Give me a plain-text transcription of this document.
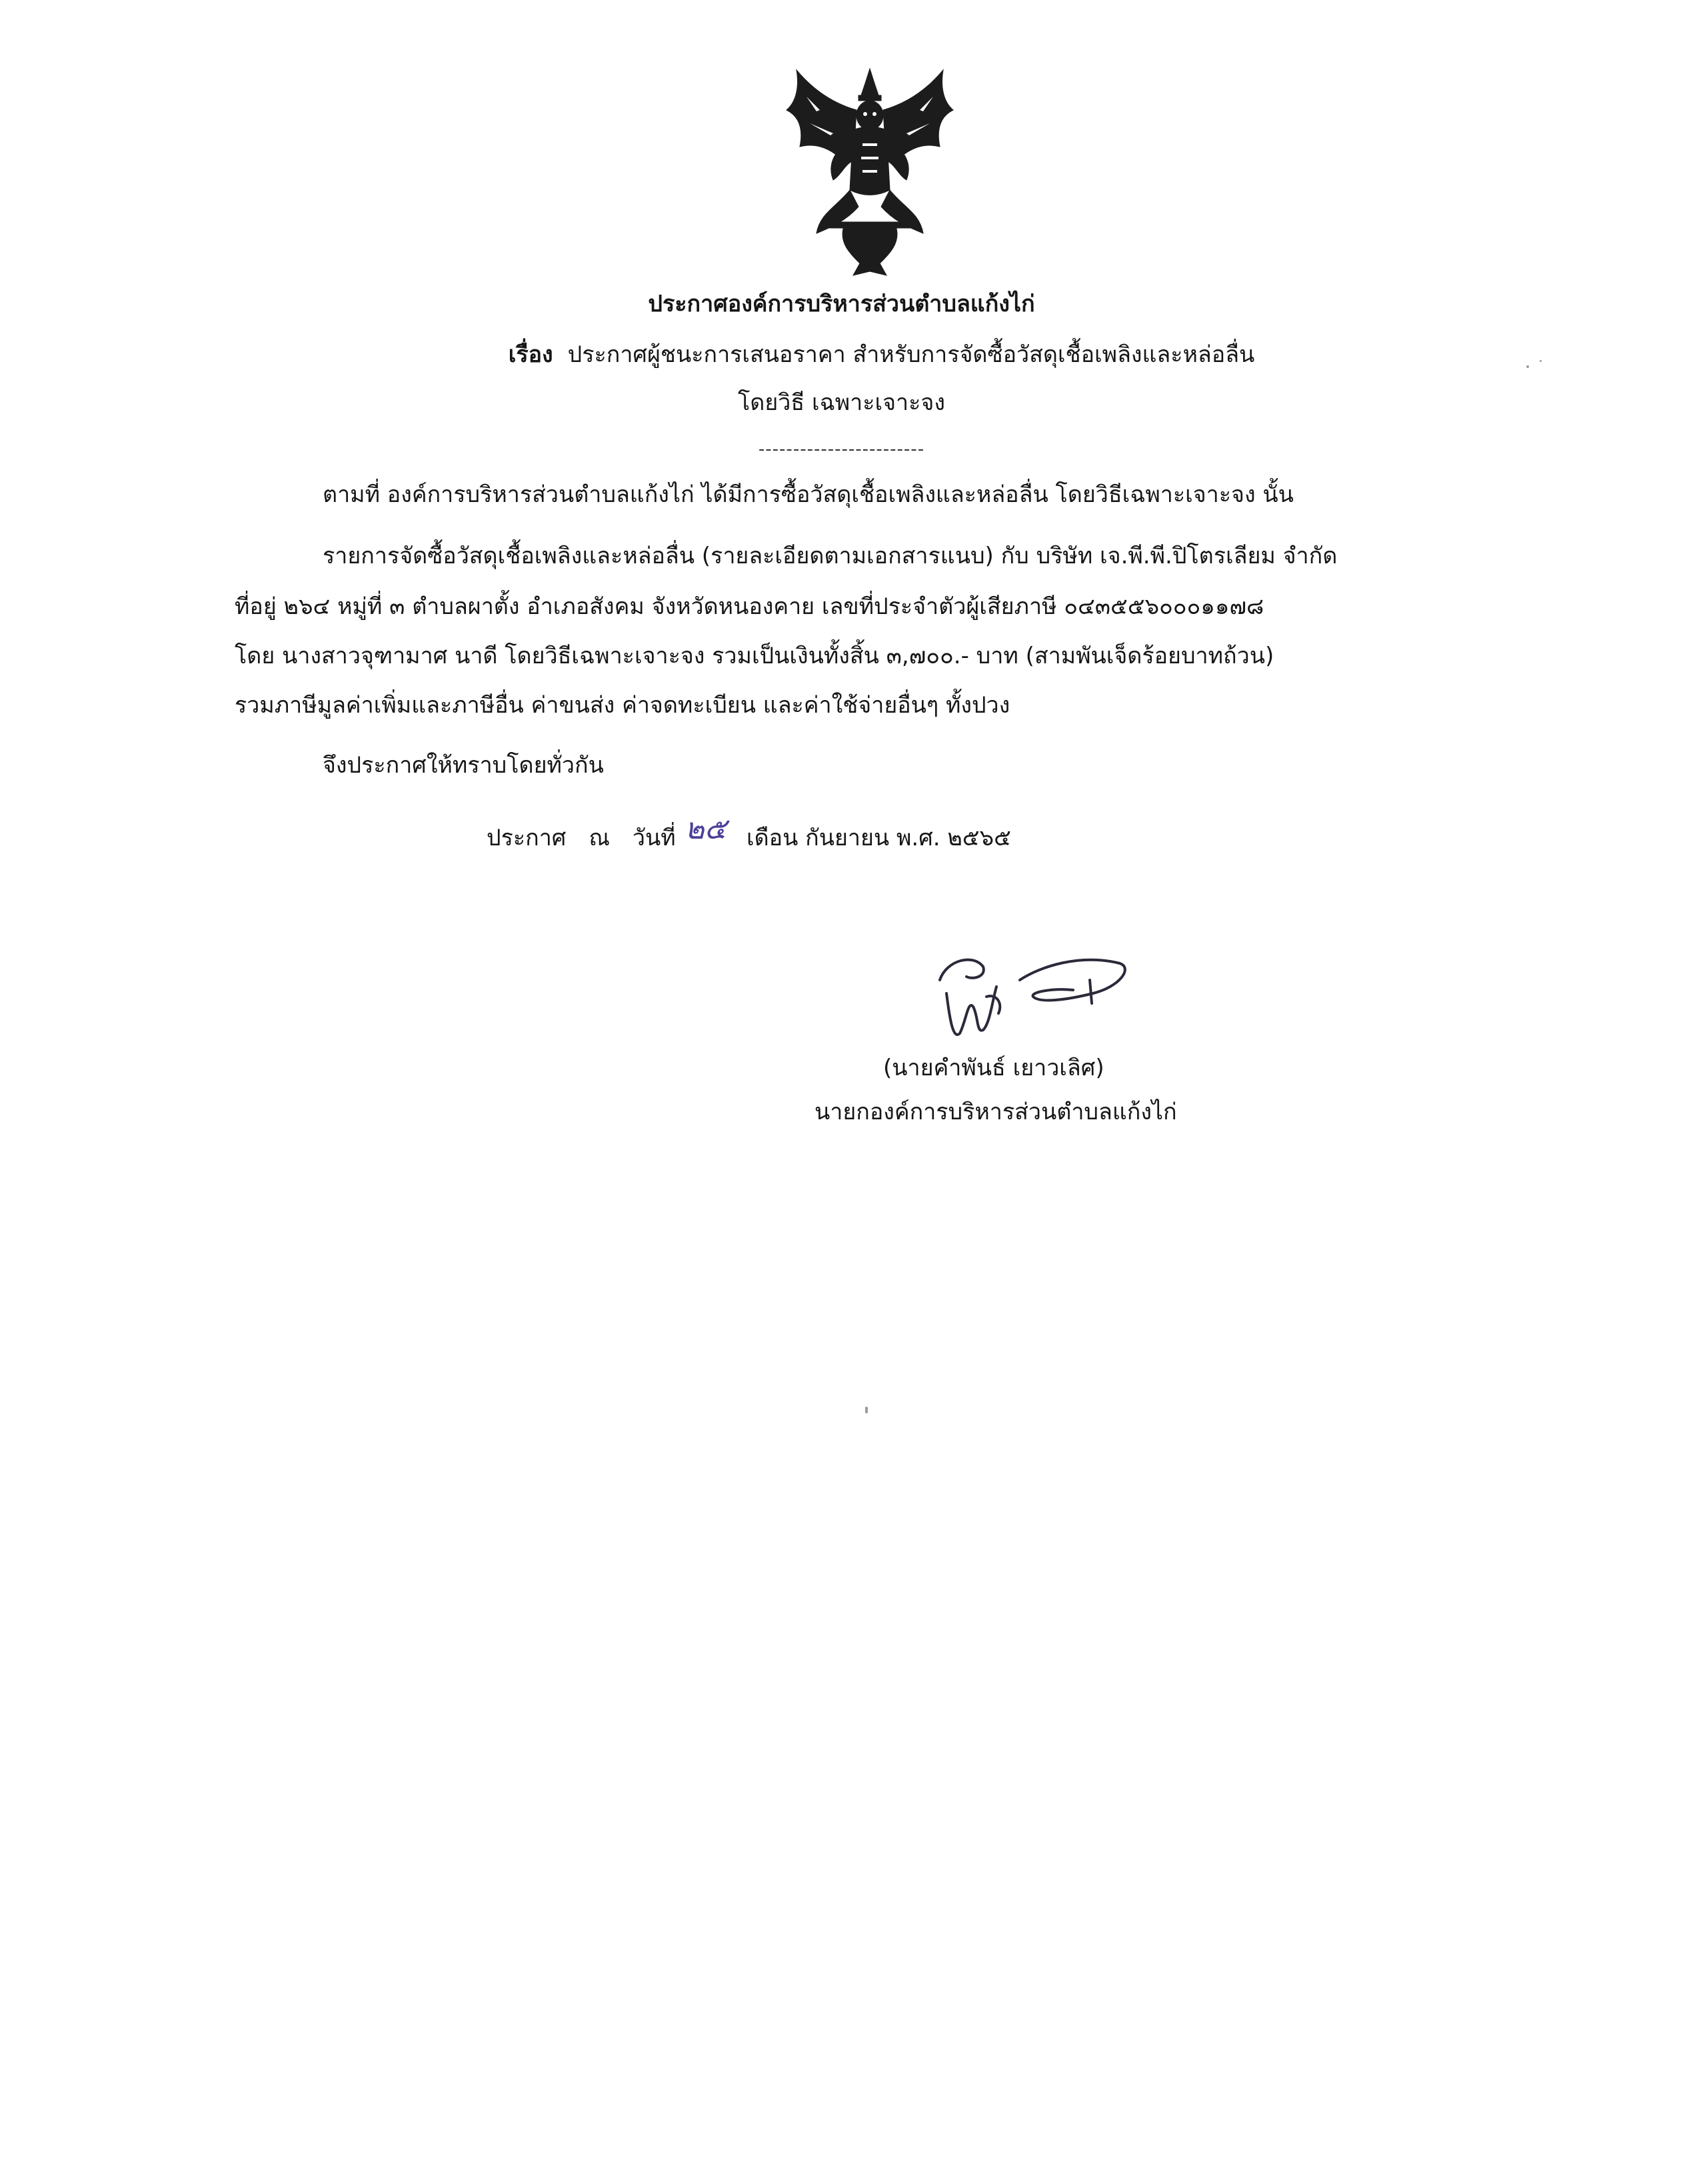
ประกาศองค์การบริหารส่วนตำบลแก้งไก่
เรื่อง ประกาศผู้ชนะการเสนอราคา สำหรับการจัดซื้อวัสดุเชื้อเพลิงและหล่อลื่น
โดยวิธี เฉพาะเจาะจง
------------------------
ตามที่ องค์การบริหารส่วนตำบลแก้งไก่ ได้มีการซื้อวัสดุเชื้อเพลิงและหล่อลื่น โดยวิธีเฉพาะเจาะจง นั้น
รายการจัดซื้อวัสดุเชื้อเพลิงและหล่อลื่น (รายละเอียดตามเอกสารแนบ) กับ บริษัท เจ.พี.พี.ปิโตรเลียม จำกัด
ที่อยู่ ๒๖๔ หมู่ที่ ๓ ตำบลผาตั้ง อำเภอสังคม จังหวัดหนองคาย เลขที่ประจำตัวผู้เสียภาษี ๐๔๓๕๕๖๐๐๐๑๑๗๘
โดย นางสาวจุฑามาศ นาดี โดยวิธีเฉพาะเจาะจง รวมเป็นเงินทั้งสิ้น ๓,๗๐๐.- บาท (สามพันเจ็ดร้อยบาทถ้วน)
รวมภาษีมูลค่าเพิ่มและภาษีอื่น ค่าขนส่ง ค่าจดทะเบียน และค่าใช้จ่ายอื่นๆ ทั้งปวง
จึงประกาศให้ทราบโดยทั่วกัน
ประกาศ ณ วันที่ ๒๕ เดือน กันยายน พ.ศ. ๒๕๖๕
(นายคำพันธ์ เยาวเลิศ)
นายกองค์การบริหารส่วนตำบลแก้งไก่
